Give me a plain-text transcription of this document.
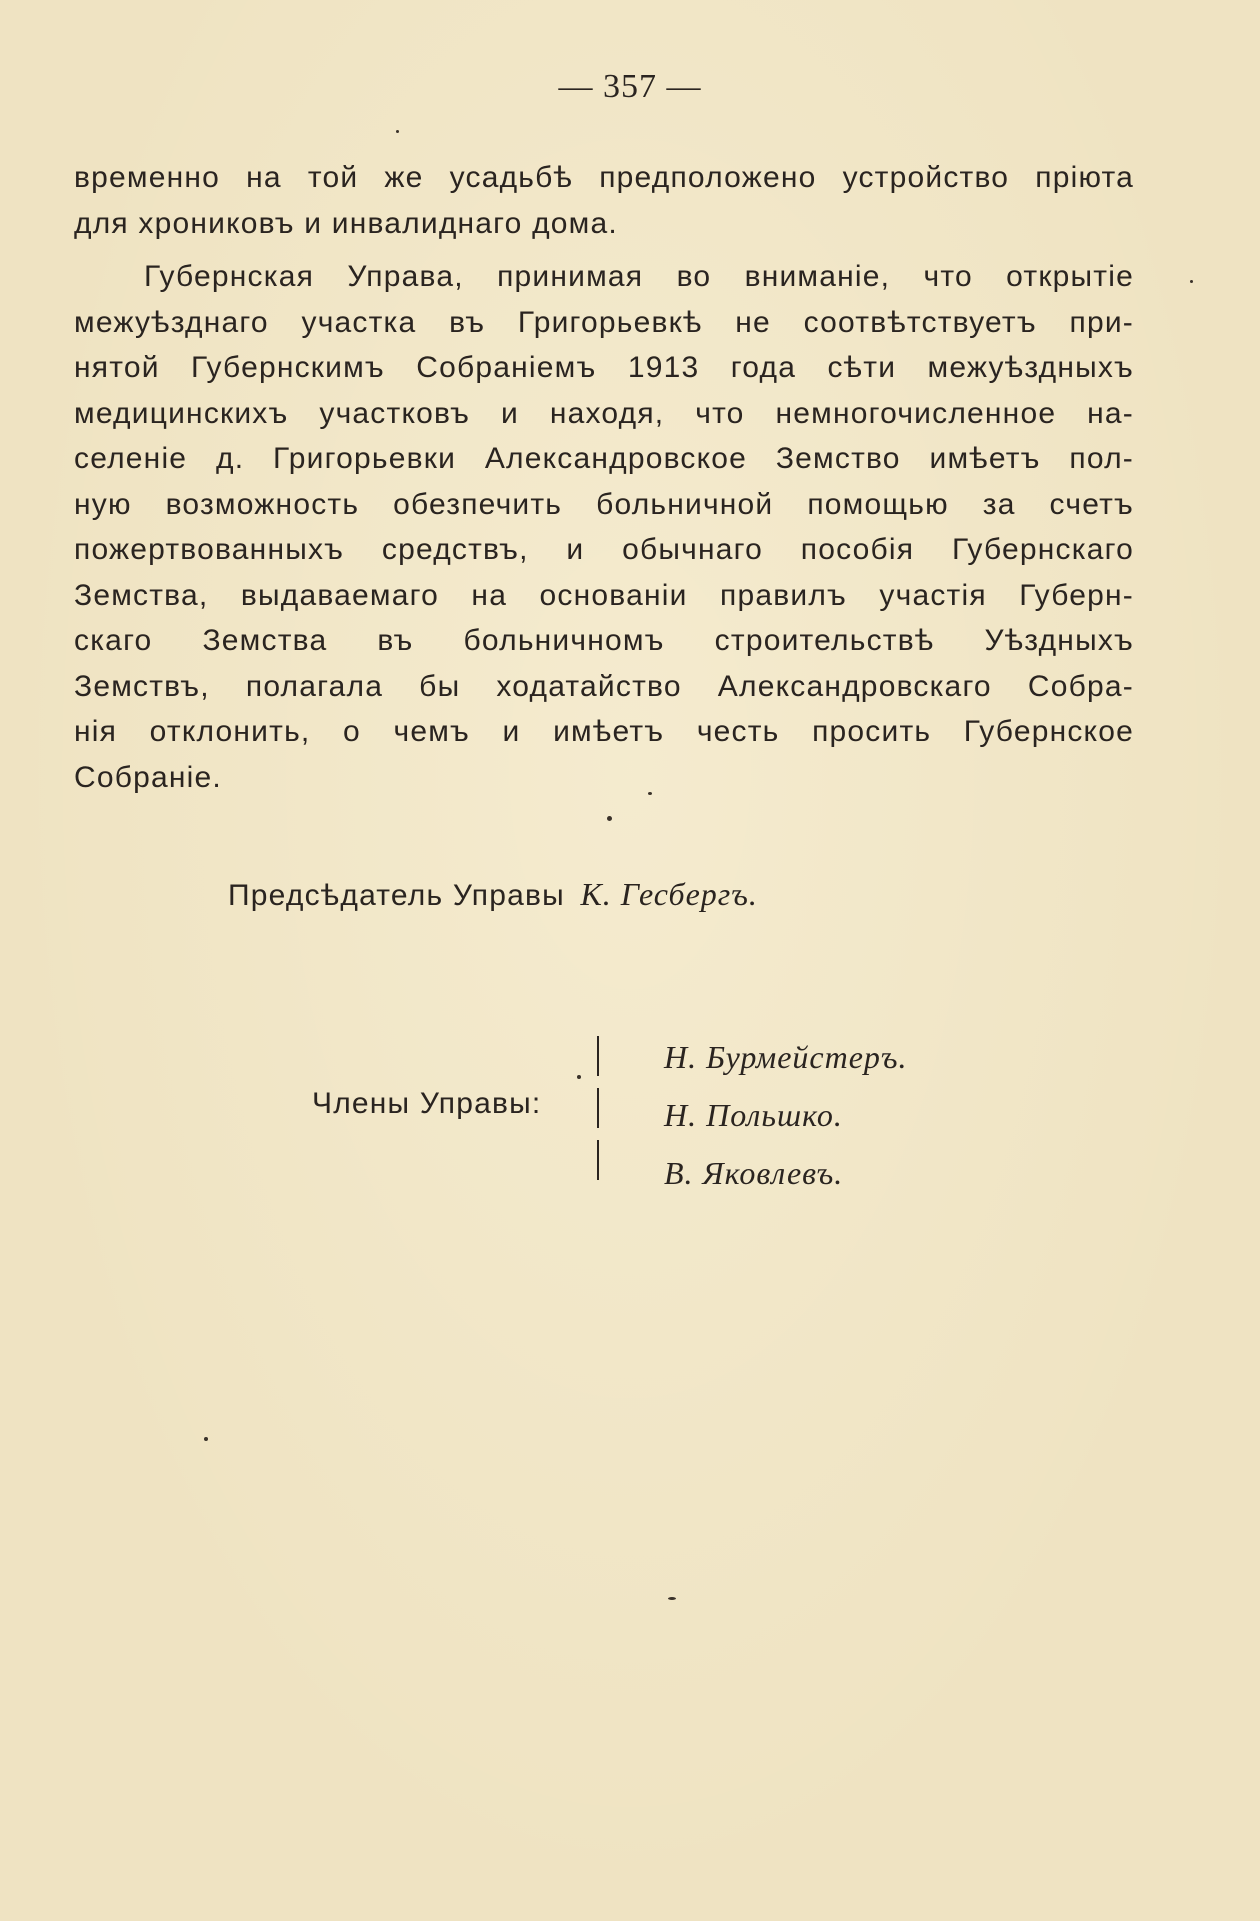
— 357 —

временно на той же усадьбѣ предположено устройство прiюта
для хрониковъ и инвалиднаго дома.

Губернская Управа, принимая во вниманiе, что открытiе
межуѣзднаго участка въ Григорьевкѣ не соотвѣтствуетъ при-
нятой Губернскимъ Собранiемъ 1913 года сѣти межуѣздныхъ
медицинскихъ участковъ и находя, что немногочисленное на-
селенiе д. Григорьевки Александровское Земство имѣетъ пол-
ную возможность обезпечить больничной помощью за счетъ
пожертвованныхъ средствъ, и обычнаго пособiя Губернскаго
Земства, выдаваемаго на основанiи правилъ участiя Губерн-
скаго Земства въ больничномъ строительствѣ Уѣздныхъ
Земствъ, полагала бы ходатайство Александровскаго Собра-
нiя отклонить, о чемъ и имѣетъ честь просить Губернское
Собранiе.

Предсѣдатель Управы К. Гесбергъ.
Члены Управы:
Н. Бурмейстеръ.
Н. Польшко.
В. Яковлевъ.
